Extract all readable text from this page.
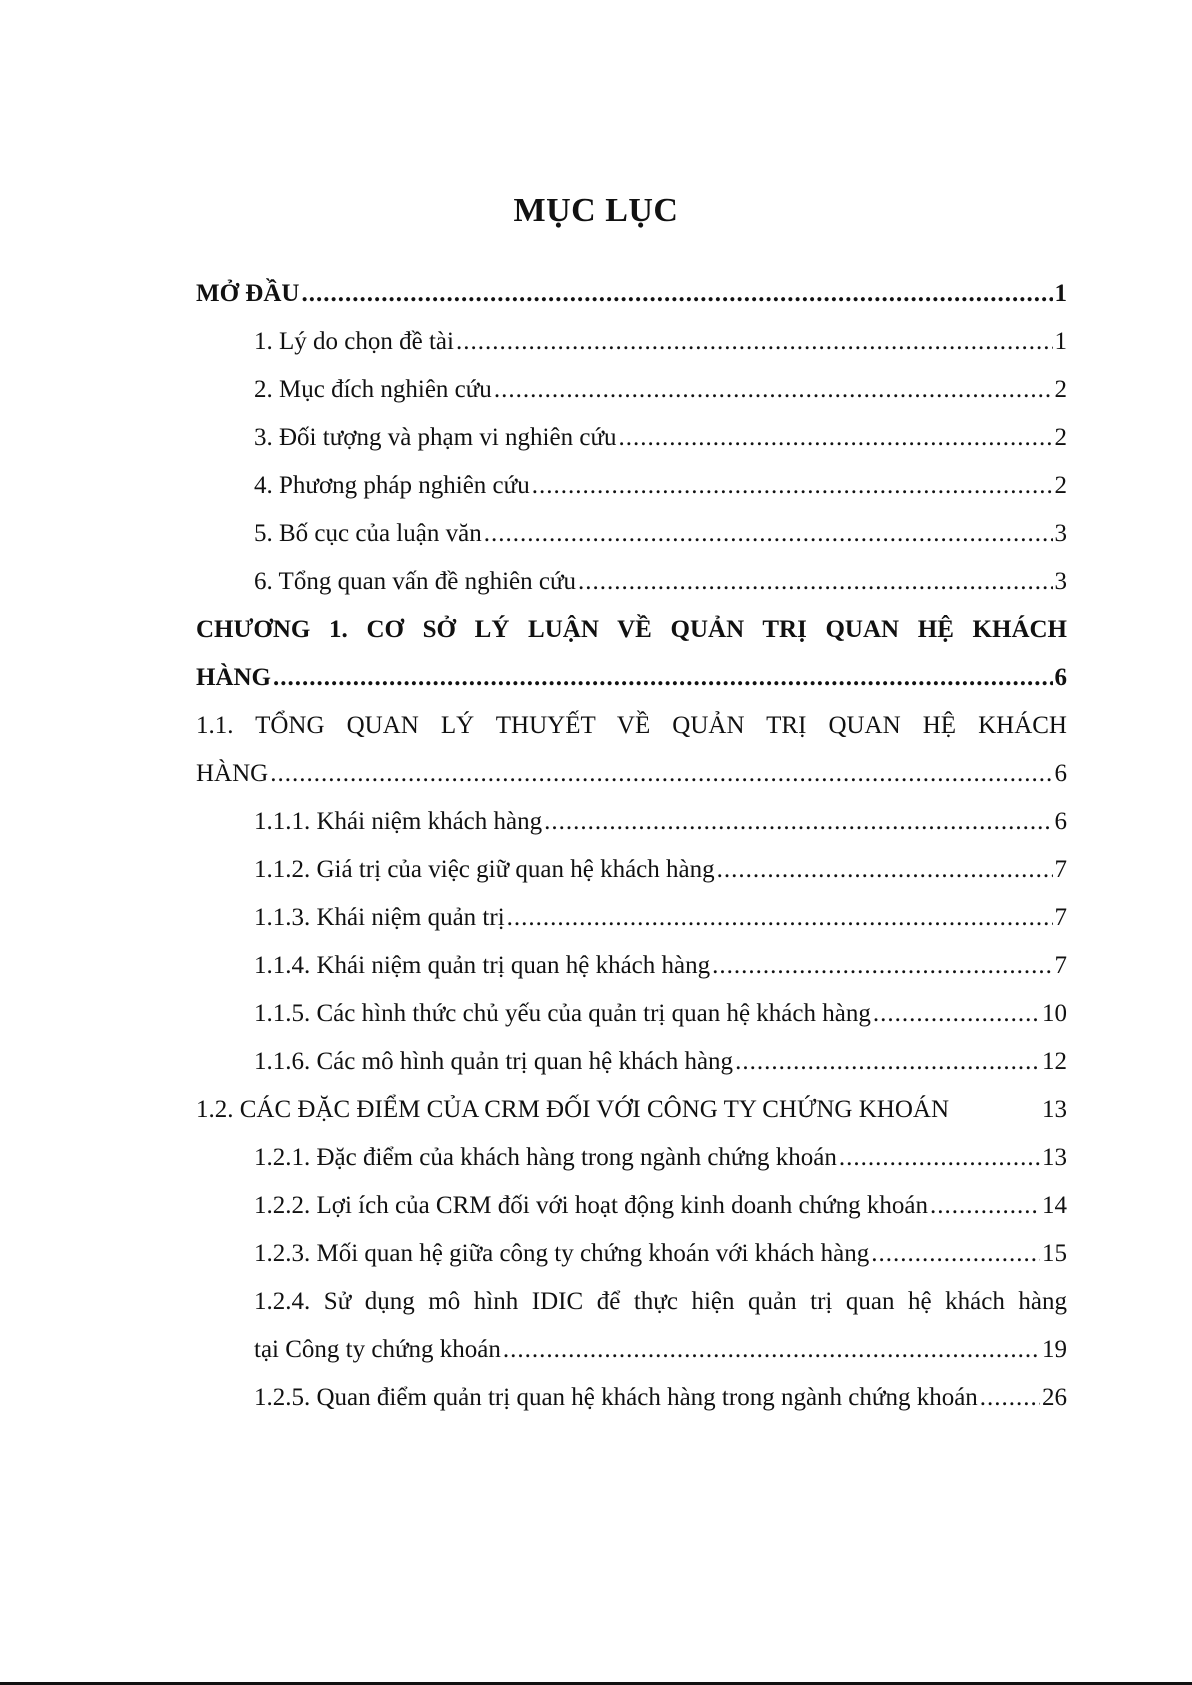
MỤC LỤC
MỞ ĐẦU .....	1
1. Lý do chọn đề tài .....	1
2. Mục đích nghiên cứu .....	2
3. Đối tượng và phạm vi nghiên cứu .....	2
4. Phương pháp nghiên cứu .....	2
5. Bố cục của luận văn .....	3
6. Tổng quan vấn đề nghiên cứu .....	3
CHƯƠNG 1. CƠ SỞ LÝ LUẬN VỀ QUẢN TRỊ QUAN HỆ KHÁCH
HÀNG .....	6
1.1. TỔNG QUAN LÝ THUYẾT VỀ QUẢN TRỊ QUAN HỆ KHÁCH
HÀNG .....	6
1.1.1. Khái niệm khách hàng .....	6
1.1.2. Giá trị của việc giữ quan hệ khách hàng .....	7
1.1.3. Khái niệm quản trị .....	7
1.1.4. Khái niệm quản trị quan hệ khách hàng .....	7
1.1.5. Các hình thức chủ yếu của quản trị quan hệ khách hàng .....	10
1.1.6. Các mô hình quản trị quan hệ khách hàng .....	12
1.2. CÁC ĐẶC ĐIỂM CỦA CRM ĐỐI VỚI CÔNG TY CHỨNG KHOÁN	13
1.2.1. Đặc điểm của khách hàng trong ngành chứng khoán .....	13
1.2.2. Lợi ích của CRM đối với hoạt động kinh doanh chứng khoán .....	14
1.2.3. Mối quan hệ giữa công ty chứng khoán với khách hàng .....	15
1.2.4. Sử dụng mô hình IDIC để thực hiện quản trị quan hệ khách hàng
tại Công ty chứng khoán .....	19
1.2.5. Quan điểm quản trị quan hệ khách hàng trong ngành chứng khoán .....	26
